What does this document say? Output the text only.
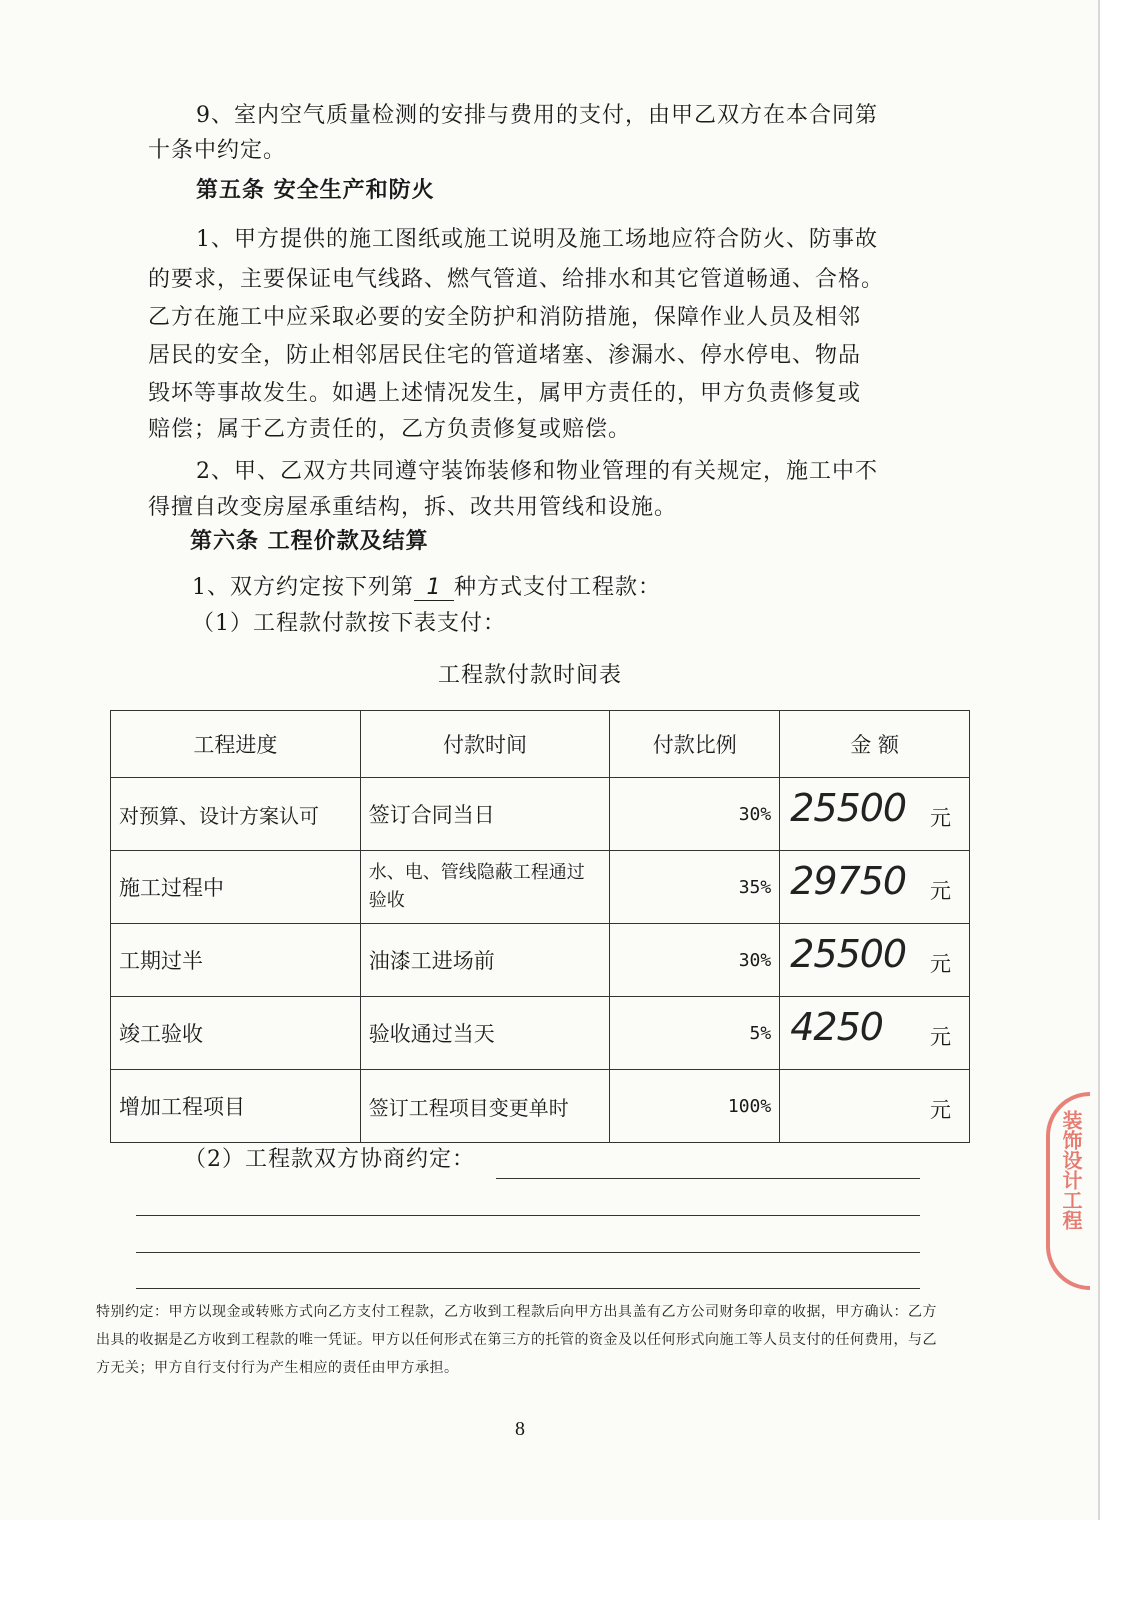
9、室内空气质量检测的安排与费用的支付，由甲乙双方在本合同第
十条中约定。
第五条 安全生产和防火
1、甲方提供的施工图纸或施工说明及施工场地应符合防火、防事故
的要求，主要保证电气线路、燃气管道、给排水和其它管道畅通、合格。
乙方在施工中应采取必要的安全防护和消防措施，保障作业人员及相邻
居民的安全，防止相邻居民住宅的管道堵塞、渗漏水、停水停电、物品
毁坏等事故发生。如遇上述情况发生，属甲方责任的，甲方负责修复或
赔偿；属于乙方责任的，乙方负责修复或赔偿。
2、甲、乙双方共同遵守装饰装修和物业管理的有关规定，施工中不
得擅自改变房屋承重结构，拆、改共用管线和设施。
第六条 工程价款及结算
1、双方约定按下列第 1 种方式支付工程款：
（1）工程款付款按下表支付：
工程款付款时间表
工程进度	付款时间	付款比例	金 额
对预算、设计方案认可	签订合同当日	30%	25500 元

施工过程中	水、电、管线隐蔽工程通过验收	35%	29750 元

工期过半	油漆工进场前	30%	25500 元

竣工验收	验收通过当天	5%	4250 元

增加工程项目	签订工程项目变更单时	100%	元
（2）工程款双方协商约定：
特别约定：甲方以现金或转账方式向乙方支付工程款，乙方收到工程款后向甲方出具盖有乙方公司财务印章的收据，甲方确认：乙方出具的收据是乙方收到工程款的唯一凭证。甲方以任何形式在第三方的托管的资金及以任何形式向施工等人员支付的任何费用，与乙方无关；甲方自行支付行为产生相应的责任由甲方承担。
8
装饰设计工程
